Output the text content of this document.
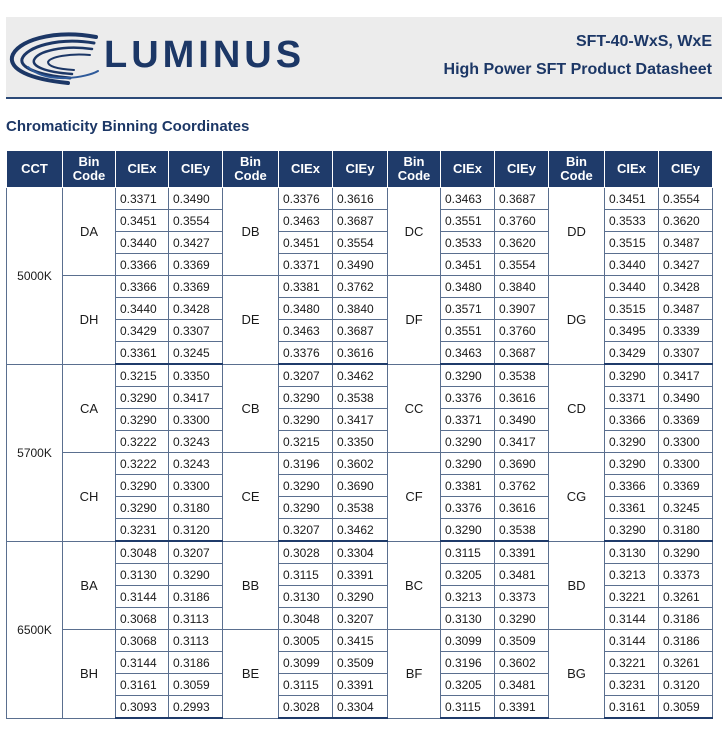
LUMINUS	SFT-40-WxS, WxE
High Power SFT Product Datasheet
Chromaticity Binning Coordinates
CCT	Bin Code	CIEx	CIEy	Bin Code	CIEx	CIEy	Bin Code	CIEx	CIEy	Bin Code	CIEx	CIEy
5000K	DA	0.3371	0.3490	DB	0.3376	0.3616	DC	0.3463	0.3687	DD	0.3451	0.3554
		0.3451	0.3554		0.3463	0.3687		0.3551	0.3760		0.3533	0.3620
		0.3440	0.3427		0.3451	0.3554		0.3533	0.3620		0.3515	0.3487
		0.3366	0.3369		0.3371	0.3490		0.3451	0.3554		0.3440	0.3427
	DH	0.3366	0.3369	DE	0.3381	0.3762	DF	0.3480	0.3840	DG	0.3440	0.3428
		0.3440	0.3428		0.3480	0.3840		0.3571	0.3907		0.3515	0.3487
		0.3429	0.3307		0.3463	0.3687		0.3551	0.3760		0.3495	0.3339
		0.3361	0.3245		0.3376	0.3616		0.3463	0.3687		0.3429	0.3307
5700K	CA	0.3215	0.3350	CB	0.3207	0.3462	CC	0.3290	0.3538	CD	0.3290	0.3417
		0.3290	0.3417		0.3290	0.3538		0.3376	0.3616		0.3371	0.3490
		0.3290	0.3300		0.3290	0.3417		0.3371	0.3490		0.3366	0.3369
		0.3222	0.3243		0.3215	0.3350		0.3290	0.3417		0.3290	0.3300
	CH	0.3222	0.3243	CE	0.3196	0.3602	CF	0.3290	0.3690	CG	0.3290	0.3300
		0.3290	0.3300		0.3290	0.3690		0.3381	0.3762		0.3366	0.3369
		0.3290	0.3180		0.3290	0.3538		0.3376	0.3616		0.3361	0.3245
		0.3231	0.3120		0.3207	0.3462		0.3290	0.3538		0.3290	0.3180
6500K	BA	0.3048	0.3207	BB	0.3028	0.3304	BC	0.3115	0.3391	BD	0.3130	0.3290
		0.3130	0.3290		0.3115	0.3391		0.3205	0.3481		0.3213	0.3373
		0.3144	0.3186		0.3130	0.3290		0.3213	0.3373		0.3221	0.3261
		0.3068	0.3113		0.3048	0.3207		0.3130	0.3290		0.3144	0.3186
	BH	0.3068	0.3113	BE	0.3005	0.3415	BF	0.3099	0.3509	BG	0.3144	0.3186
		0.3144	0.3186		0.3099	0.3509		0.3196	0.3602		0.3221	0.3261
		0.3161	0.3059		0.3115	0.3391		0.3205	0.3481		0.3231	0.3120
		0.3093	0.2993		0.3028	0.3304		0.3115	0.3391		0.3161	0.3059
